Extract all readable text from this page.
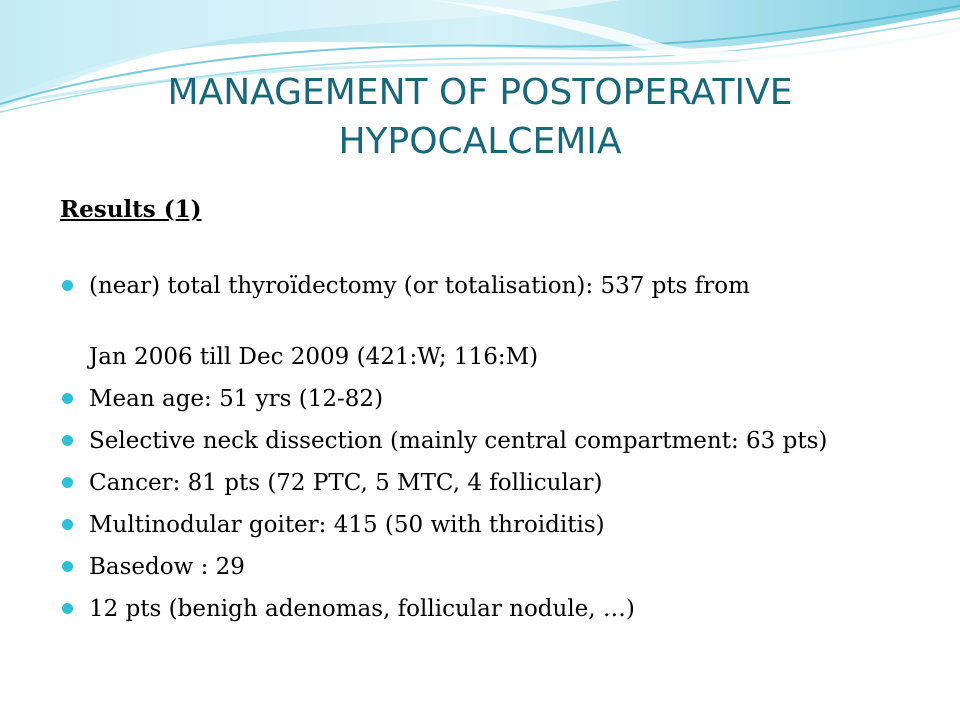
MANAGEMENT OF POSTOPERATIVE
HYPOCALCEMIA
Results (1)
(near) total thyroïdectomy (or totalisation): 537 pts from
Jan 2006 till Dec 2009 (421:W; 116:M)
Mean age: 51 yrs (12-82)
Selective neck dissection (mainly central compartment: 63 pts)
Cancer: 81 pts (72 PTC, 5 MTC, 4 follicular)
Multinodular goiter: 415 (50 with throiditis)
Basedow : 29
12 pts (benigh adenomas, follicular nodule, …)
